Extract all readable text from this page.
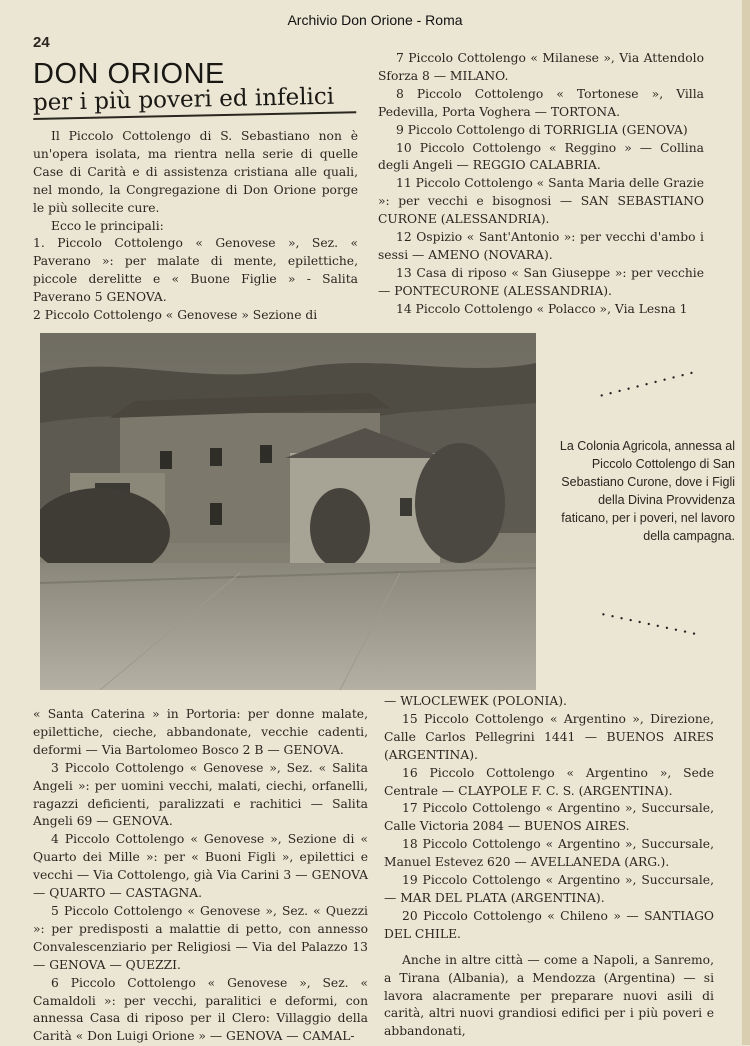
Archivio Don Orione - Roma
24
DON ORIONE
per i più poveri ed infelici

Il Piccolo Cottolengo di S. Sebastiano non è un'opera isolata, ma rientra nella serie di quelle Case di Carità e di assistenza cristiana alle quali, nel mondo, la Congregazione di Don Orione porge le più sollecite cure.

Ecco le principali:

1. Piccolo Cottolengo « Genovese », Sez. « Paverano »: per malate di mente, epilettiche, piccole derelitte e « Buone Figlie » - Salita Paverano 5 GENOVA.

2 Piccolo Cottolengo « Genovese » Sezione di

7 Piccolo Cottolengo « Milanese », Via Attendolo Sforza 8 — MILANO.

8 Piccolo Cottolengo « Tortonese », Villa Pedevilla, Porta Voghera — TORTONA.

9 Piccolo Cottolengo di TORRIGLIA (GENOVA)

10 Piccolo Cottolengo « Reggino » — Collina degli Angeli — REGGIO CALABRIA.

11 Piccolo Cottolengo « Santa Maria delle Grazie »: per vecchi e bisognosi — SAN SEBASTIANO CURONE (ALESSANDRIA).

12 Ospizio « Sant'Antonio »: per vecchi d'ambo i sessi — AMENO (NOVARA).

13 Casa di riposo « San Giuseppe »: per vecchie — PONTECURONE (ALESSANDRIA).

14 Piccolo Cottolengo « Polacco », Via Lesna 1

• • • • • • • • • • •
La Colonia Agricola, annessa al Piccolo Cottolengo di San Sebastiano Curone, dove i Figli della Divina Provvidenza faticano, per i poveri, nel lavoro della campagna.
• • • • • • • • • • •

« Santa Caterina » in Portoria: per donne malate, epilettiche, cieche, abbandonate, vecchie cadenti, deformi — Via Bartolomeo Bosco 2 B — GENOVA.

3 Piccolo Cottolengo « Genovese », Sez. « Salita Angeli »: per uomini vecchi, malati, ciechi, orfanelli, ragazzi deficienti, paralizzati e rachitici — Salita Angeli 69 — GENOVA.

4 Piccolo Cottolengo « Genovese », Sezione di « Quarto dei Mille »: per « Buoni Figli », epilettici e vecchi — Via Cottolengo, già Via Carini 3 — GENOVA — QUARTO — CASTAGNA.

5 Piccolo Cottolengo « Genovese », Sez. « Quezzi »: per predisposti a malattie di petto, con annesso Convalescenziario per Religiosi — Via del Palazzo 13 — GENOVA — QUEZZI.

6 Piccolo Cottolengo « Genovese », Sez. « Camaldoli »: per vecchi, paralitici e deformi, con annessa Casa di riposo per il Clero: Villaggio della Carità « Don Luigi Orione » — GENOVA — CAMAL-

— WLOCLEWEK (POLONIA).

15 Piccolo Cottolengo « Argentino », Direzione, Calle Carlos Pellegrini 1441 — BUENOS AIRES (ARGENTINA).

16 Piccolo Cottolengo « Argentino », Sede Centrale — CLAYPOLE F. C. S. (ARGENTINA).

17 Piccolo Cottolengo « Argentino », Succursale, Calle Victoria 2084 — BUENOS AIRES.

18 Piccolo Cottolengo « Argentino », Succursale, Manuel Estevez 620 — AVELLANEDA (ARG.).

19 Piccolo Cottolengo « Argentino », Succursale, — MAR DEL PLATA (ARGENTINA).

20 Piccolo Cottolengo « Chileno » — SANTIAGO DEL CHILE.

Anche in altre città — come a Napoli, a Sanremo, a Tirana (Albania), a Mendozza (Argentina) — si lavora alacramente per preparare nuovi asili di carità, altri nuovi grandiosi edifici per i più poveri e abbandonati,
